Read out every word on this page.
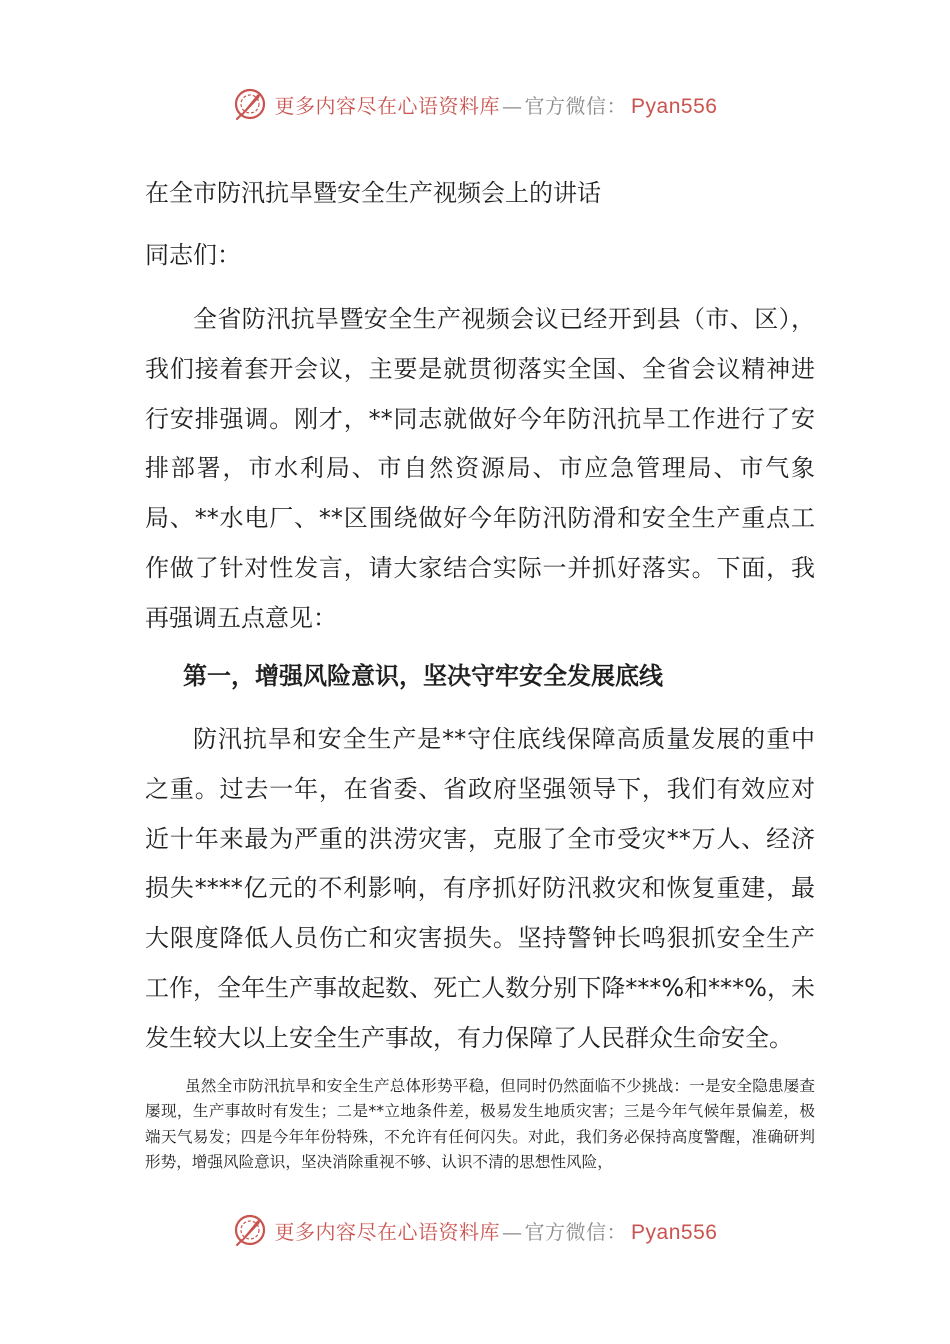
更多内容尽在心语资料库 — 官方微信： Pyan556
在全市防汛抗旱暨安全生产视频会上的讲话

同志们：

全省防汛抗旱暨安全生产视频会议已经开到县（市、区），我们接着套开会议，主要是就贯彻落实全国、全省会议精神进行安排强调。刚才，**同志就做好今年防汛抗旱工作进行了安排部署，市水利局、市自然资源局、市应急管理局、市气象局、**水电厂、**区围绕做好今年防汛防滑和安全生产重点工作做了针对性发言，请大家结合实际一并抓好落实。下面，我再强调五点意见：

第一，增强风险意识，坚决守牢安全发展底线

防汛抗旱和安全生产是**守住底线保障高质量发展的重中之重。过去一年，在省委、省政府坚强领导下，我们有效应对近十年来最为严重的洪涝灾害，克服了全市受灾**万人、经济损失****亿元的不利影响，有序抓好防汛救灾和恢复重建，最大限度降低人员伤亡和灾害损失。坚持警钟长鸣狠抓安全生产工作，全年生产事故起数、死亡人数分别下降***%和***%，未发生较大以上安全生产事故，有力保障了人民群众生命安全。

虽然全市防汛抗旱和安全生产总体形势平稳，但同时仍然面临不少挑战：一是安全隐患屡查屡现，生产事故时有发生；二是**立地条件差，极易发生地质灾害；三是今年气候年景偏差，极端天气易发；四是今年年份特殊，不允许有任何闪失。对此，我们务必保持高度警醒，准确研判形势，增强风险意识，坚决消除重视不够、认识不清的思想性风险，

更多内容尽在心语资料库 — 官方微信： Pyan556
